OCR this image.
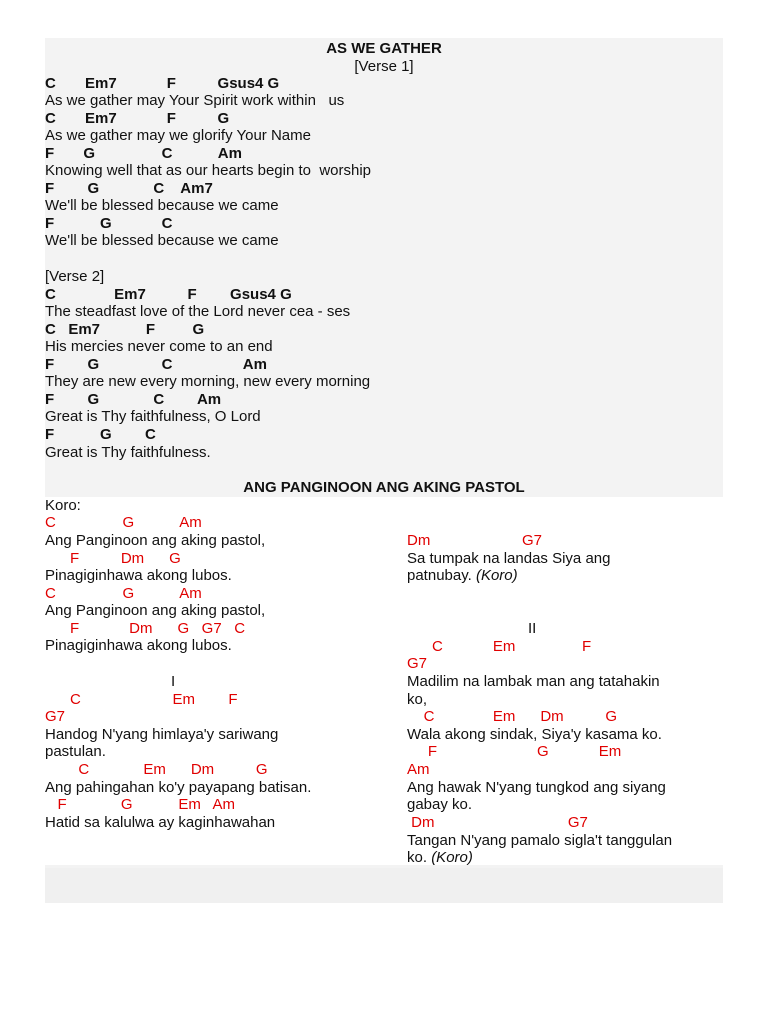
AS WE GATHER
[Verse 1]
C       Em7            F          Gsus4 G
As we gather may Your Spirit work within   us
C       Em7            F          G
As we gather may we glorify Your Name
F       G                C           Am
Knowing well that as our hearts begin to  worship
F        G             C    Am7
We'll be blessed because we came
F           G            C
We'll be blessed because we came
[Verse 2]
C              Em7          F        Gsus4 G
The steadfast love of the Lord never cea - ses
C   Em7           F         G
His mercies never come to an end
F        G               C                 Am
They are new every morning, new every morning
F        G             C        Am
Great is Thy faithfulness, O Lord
F           G        C
Great is Thy faithfulness.
ANG PANGINOON ANG AKING PASTOL
Koro:
C                G           Am
Ang Panginoon ang aking pastol,
F          Dm      G
Pinagiginhawa akong lubos.
C                G           Am
Ang Panginoon ang aking pastol,
F            Dm      G   G7   C
Pinagiginhawa akong lubos.
I
C                      Em        F
G7
Handog N'yang himlaya'y sariwang
pastulan.
C             Em      Dm          G
Ang pahingahan ko'y payapang batisan.
F             G           Em   Am
Hatid sa kalulwa ay kaginhawahan
Dm                      G7
Sa tumpak na landas Siya ang
patnubay. (Koro)
II
C            Em                F
G7
Madilim na lambak man ang tatahakin
ko,
C              Em      Dm          G
Wala akong sindak, Siya'y kasama ko.
F                        G            Em
Am
Ang hawak N'yang tungkod ang siyang
gabay ko.
Dm                                G7
Tangan N'yang pamalo sigla't tanggulan
ko. (Koro)
